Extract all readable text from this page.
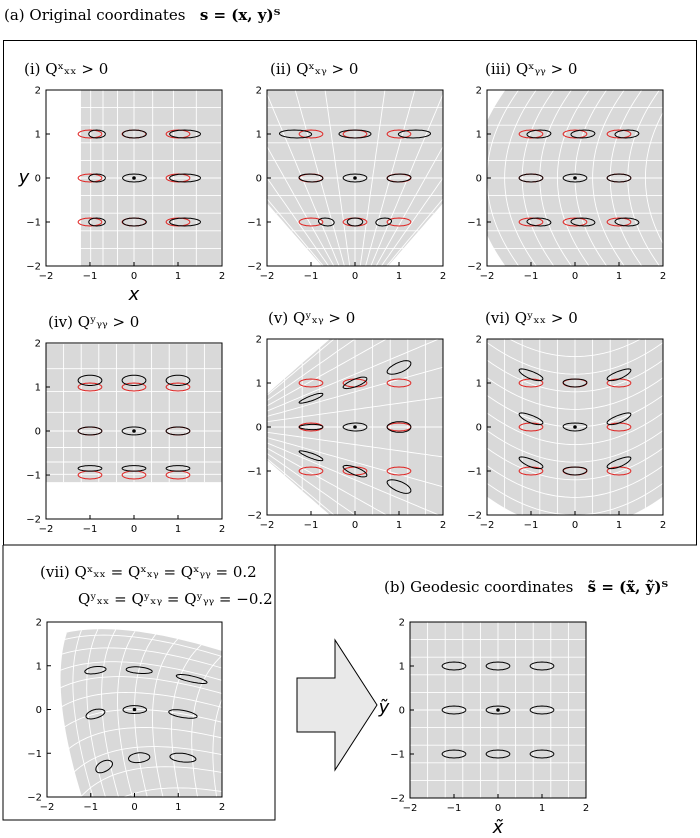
−2
−2
−1
−1
0
0
1
1
2
2
−2
−2
−1
−1
0
0
1
1
2
2
−2
−2
−1
−1
0
0
1
1
2
2
−2
−2
−1
−1
0
0
1
1
2
2
−2
−2
−1
−1
0
0
1
1
2
2
−2
−2
−1
−1
0
0
1
1
2
2
−2
−2
−1
−1
0
0
1
1
2
2
−2
−2
−1
−1
0
0
1
1
2
2
x
y
x̃
ỹ
(a) Original coordinates s = (x, y)ᵀ
(b) Geodesic coordinates s̃ = (x̃, ỹ)ᵀ
(i) Qˣₓₓ > 0	(ii) Qˣₓᵧ > 0	(iii) Qˣᵧᵧ > 0
(iv) Qʸᵧᵧ > 0	(v) Qʸₓᵧ > 0	(vi) Qʸₓₓ > 0
(vii) Qˣₓₓ = Qˣₓᵧ = Qˣᵧᵧ = 0.2
Qʸₓₓ = Qʸₓᵧ = Qʸᵧᵧ = −0.2
